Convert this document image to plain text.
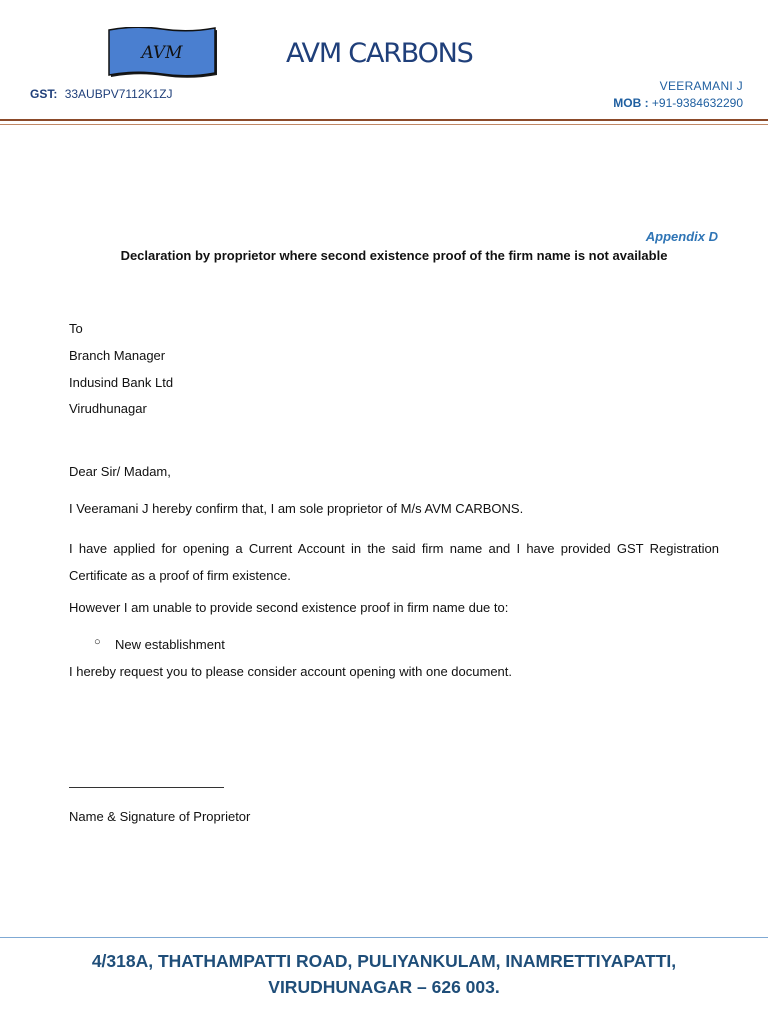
AVM	AVM CARBONS
GST: 33AUBPV7112K1ZJ
VEERAMANI J
MOB : +91-9384632290
Appendix D
Declaration by proprietor where second existence proof of the firm name is not available
To
Branch Manager
Indusind Bank Ltd
Virudhunagar
Dear Sir/ Madam,
I Veeramani J hereby confirm that, I am sole proprietor of M/s AVM CARBONS.
I have applied for opening a Current Account in the said firm name and I have provided GST Registration Certificate as a proof of firm existence.
However I am unable to provide second existence proof in firm name due to:
○ New establishment
I hereby request you to please consider account opening with one document.
Name & Signature of Proprietor
4/318A, THATHAMPATTI ROAD, PULIYANKULAM, INAMRETTIYAPATTI,
VIRUDHUNAGAR – 626 003.
